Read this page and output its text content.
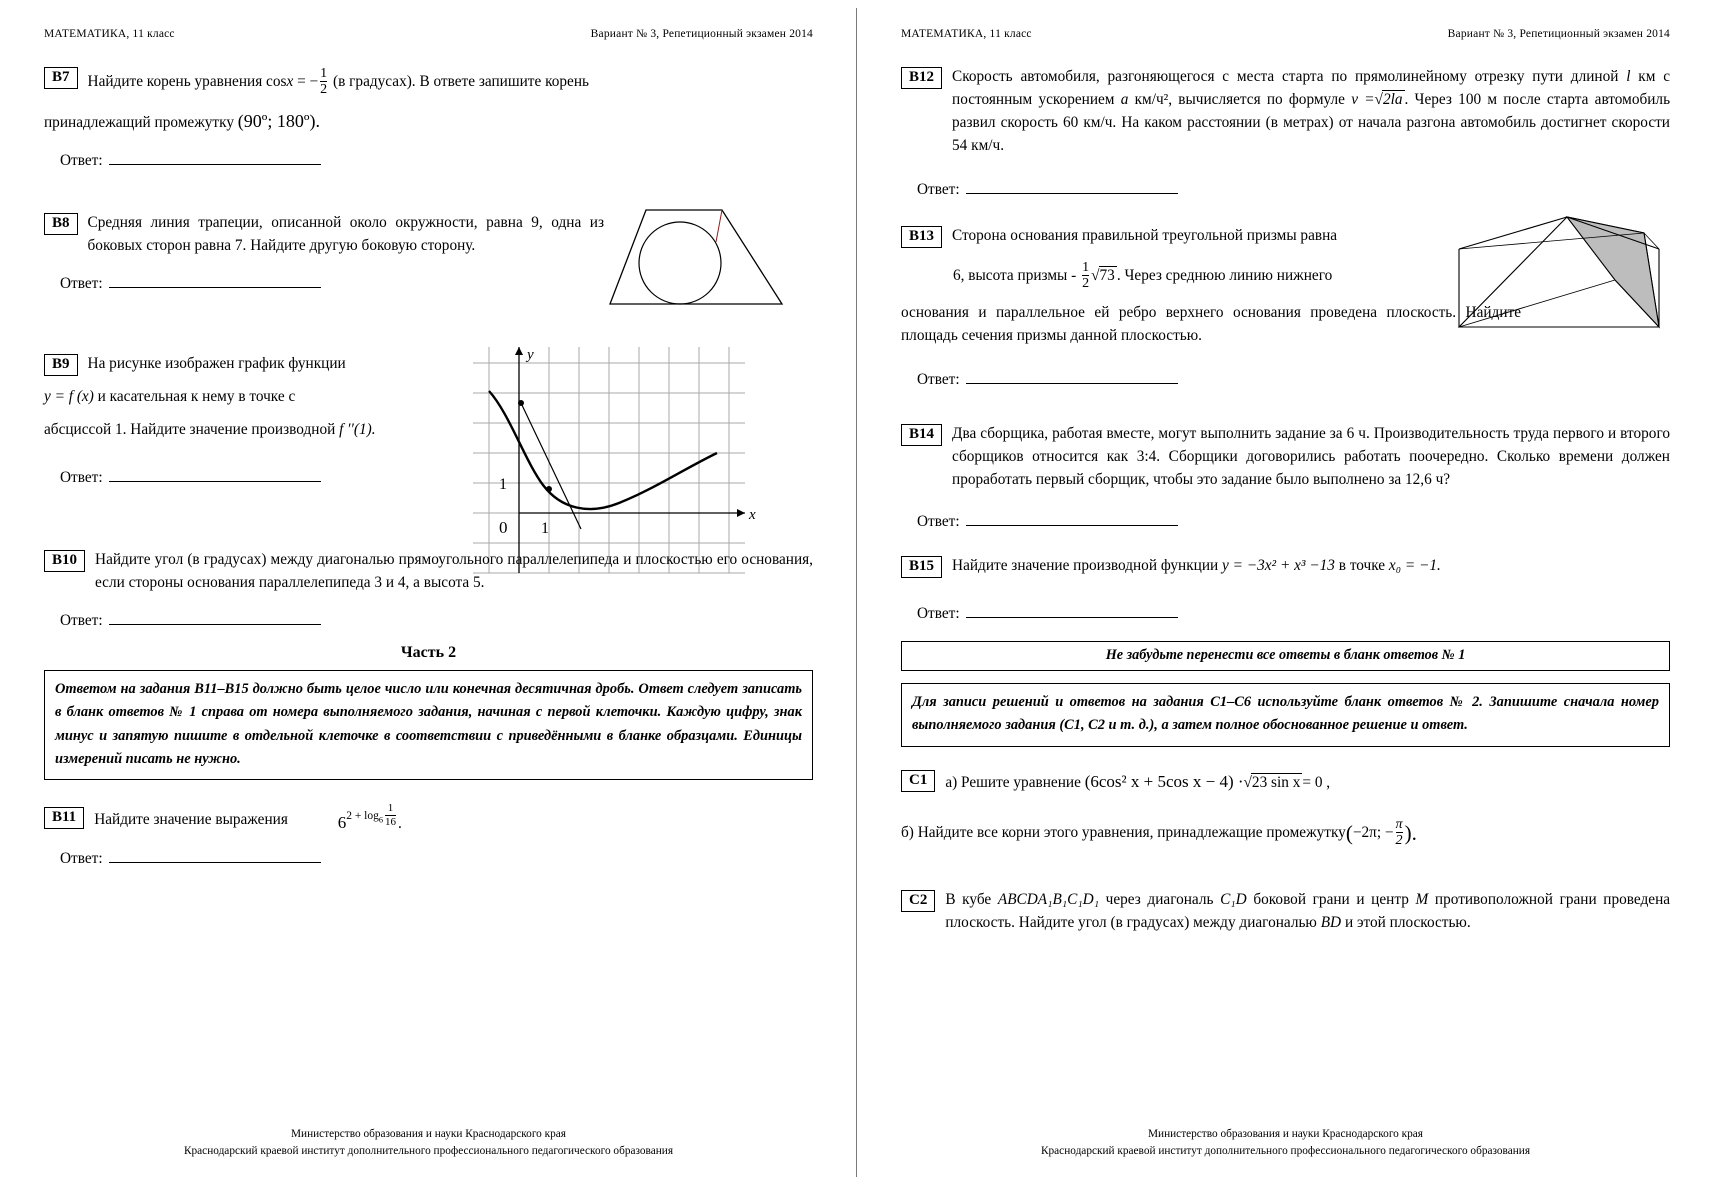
МАТЕМАТИКА, 11 класс	Вариант № 3, Репетиционный экзамен 2014
B7	Найдите корень уравнения cosx = − $\frac{1}{2} (в$ градусах). В ответе запишите корень
принадлежащий промежутку (90º; 180º).
Ответ:
B8	Средняя линия трапеции, описанной около окружности, равна 9, одна из боковых сторон равна 7. Найдите другую боковую сторону.
Ответ:
B9	На рисунке изображен график функции
y = f (x) и касательная к нему в точке с
абсциссой 1. Найдите значение производной f ′′(1).
Ответ:
y
x
1
0 1
B10	Найдите угол (в градусах) между диагональю прямоугольного параллелепипеда и плоскостью его основания, если стороны основания параллелепипеда 3 и 4, а высота 5.
Ответ:
Часть 2
Ответом на задания В11–В15 должно быть целое число или конечная десятичная дробь. Ответ следует записать в бланк ответов № 1 справа от номера выполняемого задания, начиная с первой клеточки. Каждую цифру, знак минус и запятую пишите в отдельной клеточке в соответствии с приведёнными в бланке образцами. Единицы измерений писать не нужно.
B11	Найдите значение выражения	$6^{2 + log_6 \frac{1}{16}}$ .
Ответ:
Министерство образования и науки Краснодарского края
Краснодарский краевой институт дополнительного профессионального педагогического образования
МАТЕМАТИКА, 11 класс	Вариант № 3, Репетиционный экзамен 2014
B12	Скорость автомобиля, разгоняющегося с места старта по прямолинейному отрезку пути длиной l км с постоянным ускорением a км/ч², вычисляется по формуле v =√2la . Через 100 м после старта автомобиль развил скорость 60 км/ч. На каком расстоянии (в метрах) от начала разгона автомобиль достигнет скорости 54 км/ч.
Ответ:
B13	Сторона основания правильной треугольной призмы равна
6, высота призмы - $\frac{1}{2} √73$ . Через среднюю линию нижнего
основания и параллельное ей ребро верхнего основания проведена плоскость. Найдите площадь сечения призмы данной плоскостью.
Ответ:
B14	Два сборщика, работая вместе, могут выполнить задание за 6 ч. Производительность труда первого и второго сборщиков относится как 3:4. Сборщики договорились работать поочередно. Сколько времени должен проработать первый сборщик, чтобы это задание было выполнено за 12,6 ч?
Ответ:
B15	Найдите значение производной функции y = −3x² + x³ −13 в точке x₀ = −1.
Ответ:
Не забудьте перенести все ответы в бланк ответов № 1
Для записи решений и ответов на задания С1–С6 используйте бланк ответов № 2. Запишите сначала номер выполняемого задания (С1, С2 и т. д.), а затем полное обоснованное решение и ответ.
C1	а) Решите уравнение (6cos² x + 5cos x − 4) ·√23 sin x = 0 ,
б) Найдите все корни этого уравнения, принадлежащие промежутку(−2π; − $\frac{\pi}{2}$ ).
C2	В кубе ABCDA₁B₁C₁D₁ через диагональ C₁D боковой грани и центр M противоположной грани проведена плоскость. Найдите угол (в градусах) между диагональю BD и этой плоскостью.
Министерство образования и науки Краснодарского края
Краснодарский краевой институт дополнительного профессионального педагогического образования
